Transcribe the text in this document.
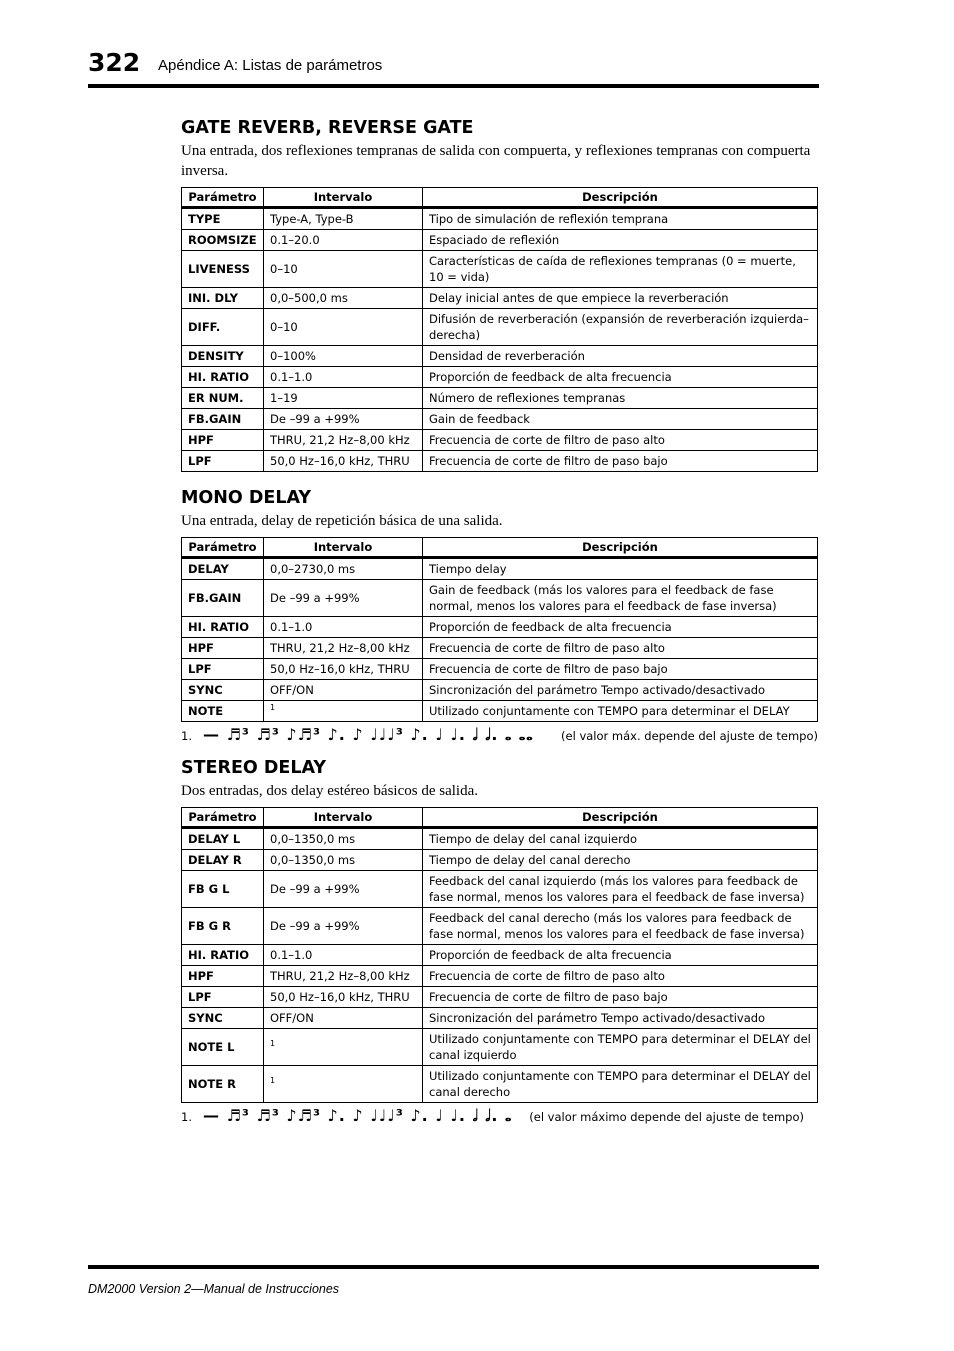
322 Apéndice A: Listas de parámetros
GATE REVERB, REVERSE GATE

Una entrada, dos reflexiones tempranas de salida con compuerta, y reflexiones tempranas con compuerta inversa.

Parámetro	Intervalo	Descripción
TYPE	Type-A, Type-B	Tipo de simulación de reflexión temprana
ROOMSIZE	0.1–20.0	Espaciado de reflexión
LIVENESS	0–10	Características de caída de reflexiones tempranas (0 = muerte, 10 = vida)
INI. DLY	0,0–500,0 ms	Delay inicial antes de que empiece la reverberación
DIFF.	0–10	Difusión de reverberación (expansión de reverberación izquierda–derecha)
DENSITY	0–100%	Densidad de reverberación
HI. RATIO	0.1–1.0	Proporción de feedback de alta frecuencia
ER NUM.	1–19	Número de reflexiones tempranas
FB.GAIN	De –99 a +99%	Gain de feedback
HPF	THRU, 21,2 Hz–8,00 kHz	Frecuencia de corte de filtro de paso alto
LPF	50,0 Hz–16,0 kHz, THRU	Frecuencia de corte de filtro de paso bajo
MONO DELAY

Una entrada, delay de repetición básica de una salida.

Parámetro	Intervalo	Descripción
DELAY	0,0–2730,0 ms	Tiempo delay
FB.GAIN	De –99 a +99%	Gain de feedback (más los valores para el feedback de fase normal, menos los valores para el feedback de fase inversa)
HI. RATIO	0.1–1.0	Proporción de feedback de alta frecuencia
HPF	THRU, 21,2 Hz–8,00 kHz	Frecuencia de corte de filtro de paso alto
LPF	50,0 Hz–16,0 kHz, THRU	Frecuencia de corte de filtro de paso bajo
SYNC	OFF/ON	Sincronización del parámetro Tempo activado/desactivado
NOTE	$^1$	Utilizado conjuntamente con TEMPO para determinar el DELAY
1. — ♬³ ♬³ ♪♬³ ♪. ♪ ♩♩♩³ ♪. ♩ ♩. 𝅗𝅥 𝅗𝅥. 𝅝 𝅝𝅝 (el valor máx. depende del ajuste de tempo)
STEREO DELAY

Dos entradas, dos delay estéreo básicos de salida.

Parámetro	Intervalo	Descripción
DELAY L	0,0–1350,0 ms	Tiempo de delay del canal izquierdo
DELAY R	0,0–1350,0 ms	Tiempo de delay del canal derecho
FB G L	De –99 a +99%	Feedback del canal izquierdo (más los valores para feedback de fase normal, menos los valores para el feedback de fase inversa)
FB G R	De –99 a +99%	Feedback del canal derecho (más los valores para feedback de fase normal, menos los valores para el feedback de fase inversa)
HI. RATIO	0.1–1.0	Proporción de feedback de alta frecuencia
HPF	THRU, 21,2 Hz–8,00 kHz	Frecuencia de corte de filtro de paso alto
LPF	50,0 Hz–16,0 kHz, THRU	Frecuencia de corte de filtro de paso bajo
SYNC	OFF/ON	Sincronización del parámetro Tempo activado/desactivado
NOTE L	$^1$	Utilizado conjuntamente con TEMPO para determinar el DELAY del canal izquierdo
NOTE R	$^1$	Utilizado conjuntamente con TEMPO para determinar el DELAY del canal derecho
1. — ♬³ ♬³ ♪♬³ ♪. ♪ ♩♩♩³ ♪. ♩ ♩. 𝅗𝅥 𝅗𝅥. 𝅝 (el valor máximo depende del ajuste de tempo)
DM2000 Version 2—Manual de Instrucciones
